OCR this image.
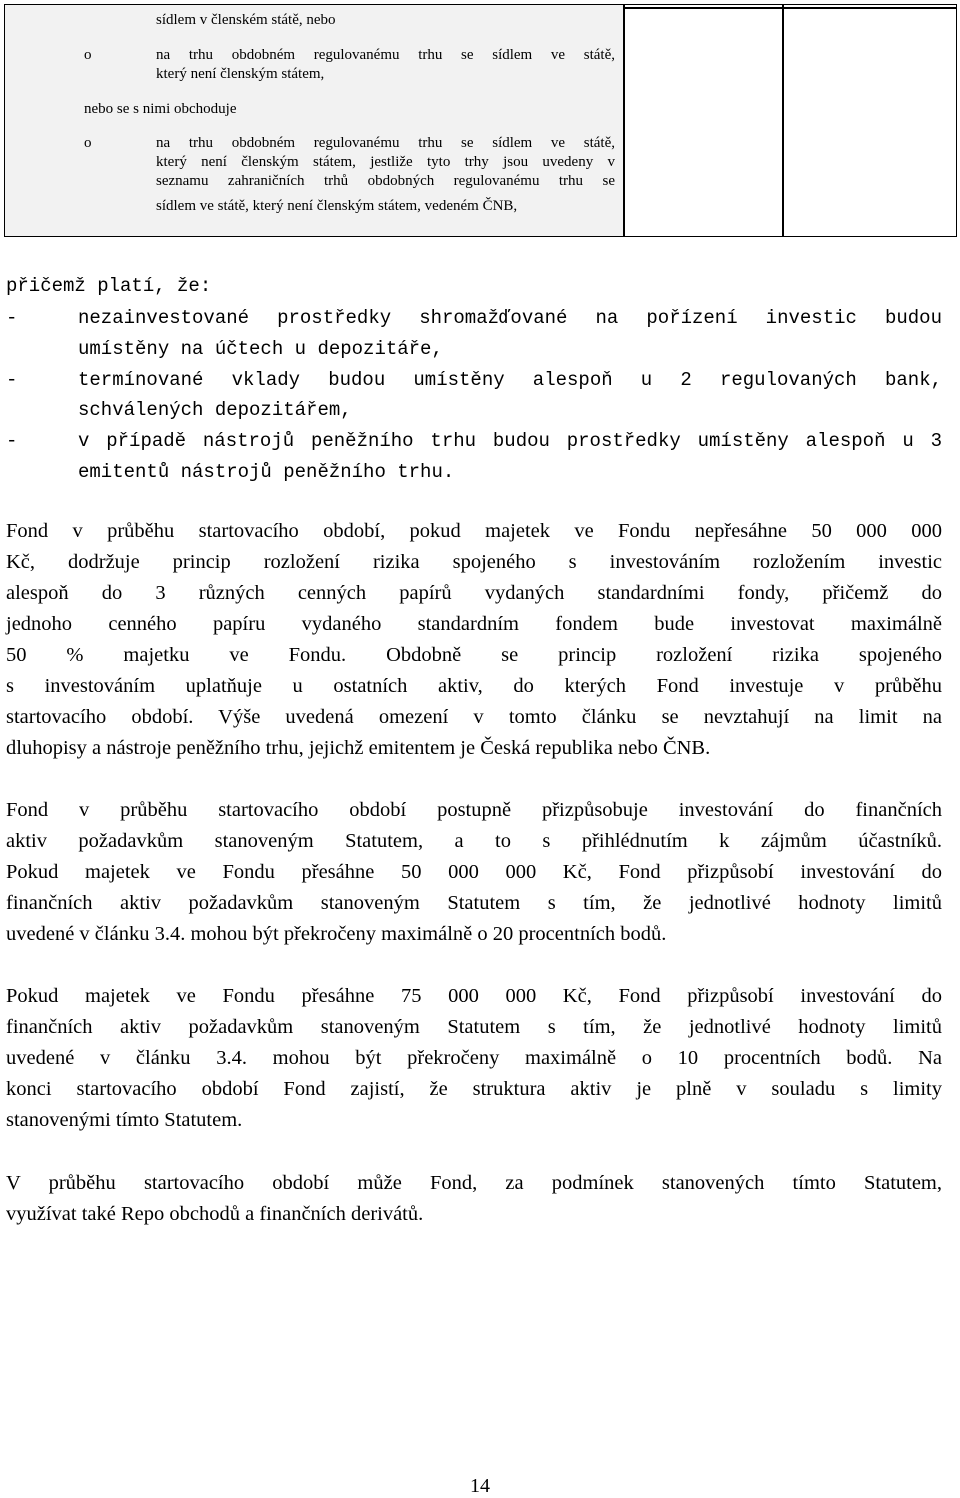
sídlem v členském státě, nebo
o	na trhu obdobném regulovanému trhu se sídlem ve státě,
který není členským státem,
nebo se s nimi obchoduje
o	na trhu obdobném regulovanému trhu se sídlem ve státě,
který není členským státem, jestliže tyto trhy jsou uvedeny v
seznamu zahraničních trhů obdobných regulovanému trhu se
sídlem ve státě, který není členským státem, vedeném ČNB,
přičemž platí, že:
-	nezainvestované prostředky shromažďované na pořízení investic budou
umístěny na účtech u depozitáře,
-	termínované vklady budou umístěny alespoň u 2 regulovaných bank,
schválených depozitářem,
-	v případě nástrojů peněžního trhu budou prostředky umístěny alespoň u 3
emitentů nástrojů peněžního trhu.
Fond v průběhu startovacího období, pokud majetek ve Fondu nepřesáhne 50 000 000
Kč, dodržuje princip rozložení rizika spojeného s investováním rozložením investic
alespoň do 3 různých cenných papírů vydaných standardními fondy, přičemž do
jednoho cenného papíru vydaného standardním fondem bude investovat maximálně
50 % majetku ve Fondu. Obdobně se princip rozložení rizika spojeného
s investováním uplatňuje u ostatních aktiv, do kterých Fond investuje v průběhu
startovacího období. Výše uvedená omezení v tomto článku se nevztahují na limit na
dluhopisy a nástroje peněžního trhu, jejichž emitentem je Česká republika nebo ČNB.
Fond v průběhu startovacího období postupně přizpůsobuje investování do finančních
aktiv požadavkům stanoveným Statutem, a to s přihlédnutím k zájmům účastníků.
Pokud majetek ve Fondu přesáhne 50 000 000 Kč, Fond přizpůsobí investování do
finančních aktiv požadavkům stanoveným Statutem s tím, že jednotlivé hodnoty limitů
uvedené v článku 3.4. mohou být překročeny maximálně o 20 procentních bodů.
Pokud majetek ve Fondu přesáhne 75 000 000 Kč, Fond přizpůsobí investování do
finančních aktiv požadavkům stanoveným Statutem s tím, že jednotlivé hodnoty limitů
uvedené v článku 3.4. mohou být překročeny maximálně o 10 procentních bodů. Na
konci startovacího období Fond zajistí, že struktura aktiv je plně v souladu s limity
stanovenými tímto Statutem.
V průběhu startovacího období může Fond, za podmínek stanovených tímto Statutem,
využívat také Repo obchodů a finančních derivátů.
14
